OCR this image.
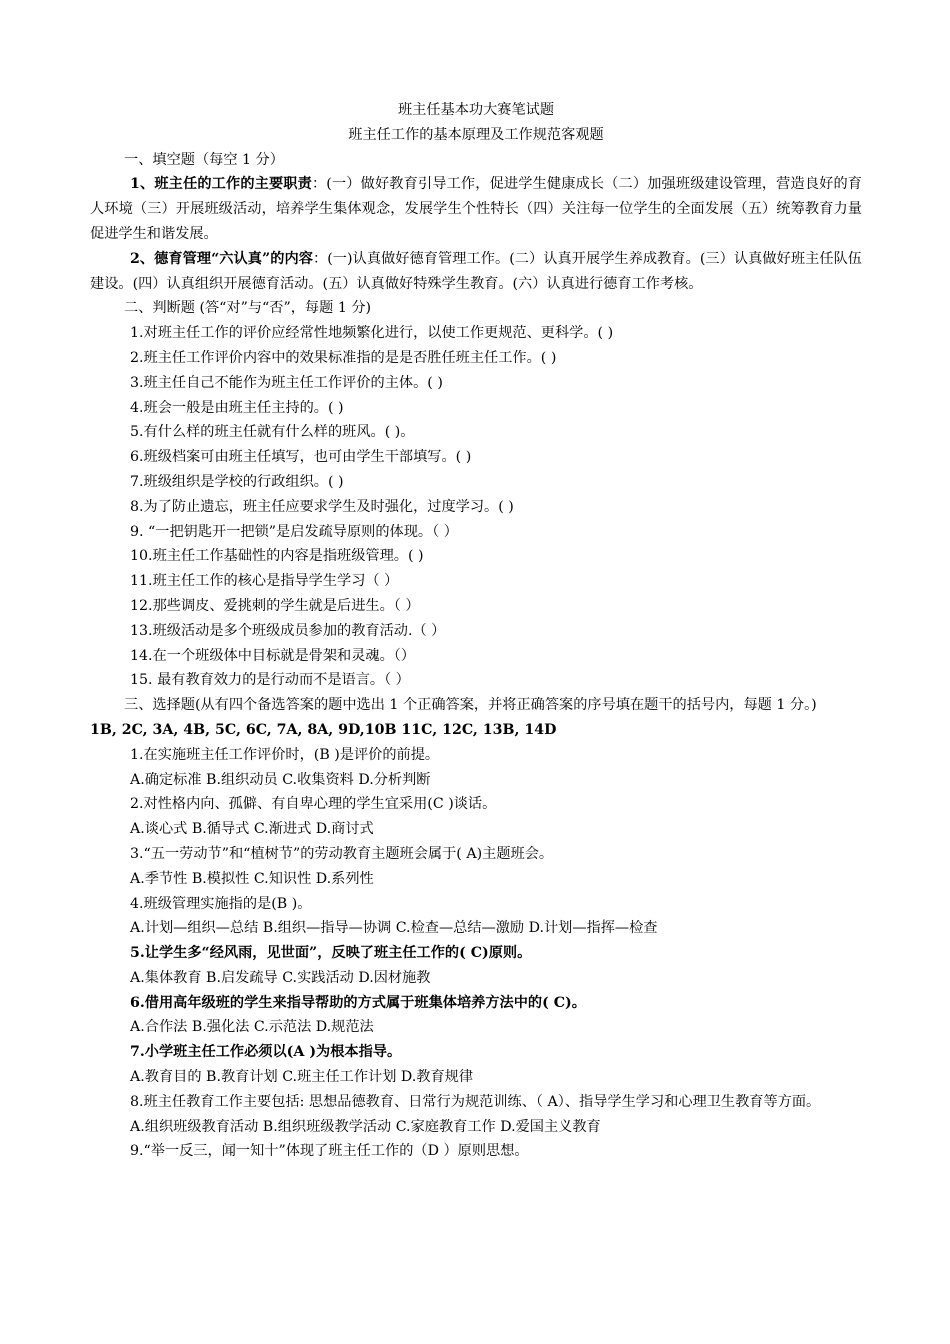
班主任基本功大赛笔试题
班主任工作的基本原理及工作规范客观题
一、填空题（每空 1 分）
1、班主任的工作的主要职责：(一）做好教育引导工作，促进学生健康成长（二）加强班级建设管理，营造良好的育人环境（三）开展班级活动，培养学生集体观念，发展学生个性特长（四）关注每一位学生的全面发展（五）统筹教育力量　促进学生和谐发展。
2、德育管理“六认真”的内容：(一)认真做好德育管理工作。(二）认真开展学生养成教育。(三）认真做好班主任队伍建设。(四）认真组织开展德育活动。(五）认真做好特殊学生教育。(六）认真进行德育工作考核。
二、判断题 (答“对”与“否”，每题 1 分)
1.对班主任工作的评价应经常性地频繁化进行，以使工作更规范、更科学。( )
2.班主任工作评价内容中的效果标准指的是是否胜任班主任工作。( )
3.班主任自己不能作为班主任工作评价的主体。( )
4.班会一般是由班主任主持的。( )
5.有什么样的班主任就有什么样的班风。( )。
6.班级档案可由班主任填写，也可由学生干部填写。( )
7.班级组织是学校的行政组织。( )
8.为了防止遗忘，班主任应要求学生及时强化，过度学习。( )
9. “一把钥匙开一把锁”是启发疏导原则的体现。（ ）
10.班主任工作基础性的内容是指班级管理。( )
11.班主任工作的核心是指导学生学习（ ）
12.那些调皮、爱挑刺的学生就是后进生。（ ）
13.班级活动是多个班级成员参加的教育活动.（ ）
14.在一个班级体中目标就是骨架和灵魂。（）
15. 最有教育效力的是行动而不是语言。（ ）
三、选择题(从有四个备选答案的题中选出 1 个正确答案，并将正确答案的序号填在题干的括号内，每题 1 分。)
1B, 2C, 3A, 4B, 5C, 6C, 7A, 8A, 9D,10B 11C, 12C, 13B, 14D
1.在实施班主任工作评价时，(B )是评价的前提。
A.确定标准 B.组织动员 C.收集资料 D.分析判断
2.对性格内向、孤僻、有自卑心理的学生宜采用(C )谈话。
A.谈心式 B.循导式 C.渐进式 D.商讨式
3.“五一劳动节”和“植树节”的劳动教育主题班会属于( A)主题班会。
A.季节性 B.模拟性 C.知识性 D.系列性
4.班级管理实施指的是(B )。
A.计划—组织—总结 B.组织—指导—协调 C.检查—总结—激励 D.计划—指挥—检查
5.让学生多“经风雨，见世面”，反映了班主任工作的( C)原则。
A.集体教育 B.启发疏导 C.实践活动 D.因材施教
6.借用高年级班的学生来指导帮助的方式属于班集体培养方法中的( C)。
A.合作法 B.强化法 C.示范法 D.规范法
7.小学班主任工作必须以(A )为根本指导。
A.教育目的 B.教育计划 C.班主任工作计划 D.教育规律
8.班主任教育工作主要包括: 思想品德教育、日常行为规范训练、（ A）、指导学生学习和心理卫生教育等方面。
A.组织班级教育活动 B.组织班级教学活动 C.家庭教育工作 D.爱国主义教育
9.“举一反三，闻一知十”体现了班主任工作的（D ）原则思想。
